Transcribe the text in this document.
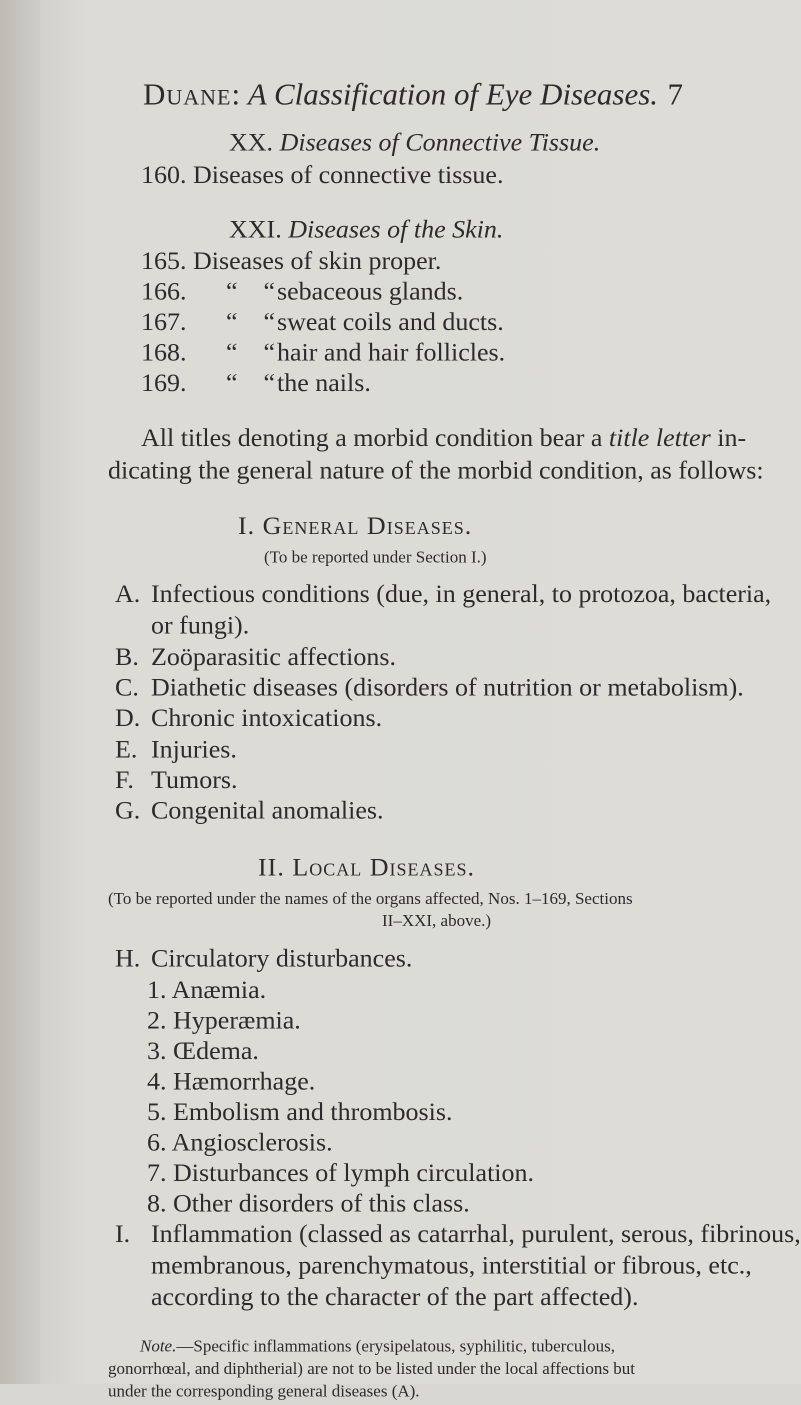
Duane: A Classification of Eye Diseases. 7
XX. Diseases of Connective Tissue.
160. Diseases of connective tissue.
XXI. Diseases of the Skin.
165. Diseases of skin proper.
166. “    “ sebaceous glands.
167. “    “ sweat coils and ducts.
168. “    “ hair and hair follicles.
169. “    “ the nails.
All titles denoting a morbid condition bear a title letter in-
dicating the general nature of the morbid condition, as follows:
I. General Diseases.
(To be reported under Section I.)
A. Infectious conditions (due, in general, to protozoa, bacteria,
or fungi).
B. Zoöparasitic affections.
C. Diathetic diseases (disorders of nutrition or metabolism).
D. Chronic intoxications.
E. Injuries.
F. Tumors.
G. Congenital anomalies.
II. Local Diseases.
(To be reported under the names of the organs affected, Nos. 1–169, Sections
II–XXI, above.)
H. Circulatory disturbances.
1. Anæmia.
2. Hyperæmia.
3. Œdema.
4. Hæmorrhage.
5. Embolism and thrombosis.
6. Angiosclerosis.
7. Disturbances of lymph circulation.
8. Other disorders of this class.
I. Inflammation (classed as catarrhal, purulent, serous, fibrinous,
membranous, parenchymatous, interstitial or fibrous, etc.,
according to the character of the part affected).
Note.—Specific inflammations (erysipelatous, syphilitic, tuberculous,
gonorrhœal, and diphtherial) are not to be listed under the local affections but
under the corresponding general diseases (A).
